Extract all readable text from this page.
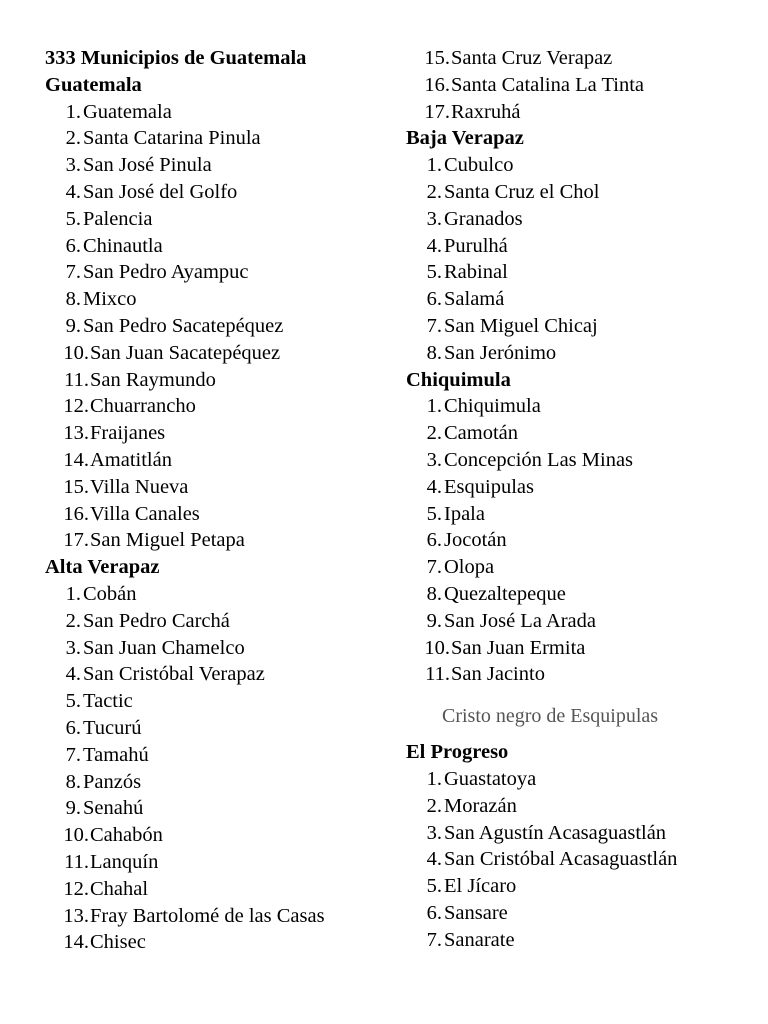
333 Municipios de Guatemala
Guatemala
1. Guatemala
2. Santa Catarina Pinula
3. San José Pinula
4. San José del Golfo
5. Palencia
6. Chinautla
7. San Pedro Ayampuc
8. Mixco
9. San Pedro Sacatepéquez
10. San Juan Sacatepéquez
11. San Raymundo
12. Chuarrancho
13. Fraijanes
14. Amatitlán
15. Villa Nueva
16. Villa Canales
17. San Miguel Petapa
Alta Verapaz
1. Cobán
2. San Pedro Carchá
3. San Juan Chamelco
4. San Cristóbal Verapaz
5. Tactic
6. Tucurú
7. Tamahú
8. Panzós
9. Senahú
10. Cahabón
11. Lanquín
12. Chahal
13. Fray Bartolomé de las Casas
14. Chisec
15. Santa Cruz Verapaz
16. Santa Catalina La Tinta
17. Raxruhá
Baja Verapaz
1. Cubulco
2. Santa Cruz el Chol
3. Granados
4. Purulhá
5. Rabinal
6. Salamá
7. San Miguel Chicaj
8. San Jerónimo
Chiquimula
1. Chiquimula
2. Camotán
3. Concepción Las Minas
4. Esquipulas
5. Ipala
6. Jocotán
7. Olopa
8. Quezaltepeque
9. San José La Arada
10. San Juan Ermita
11. San Jacinto
Cristo negro de Esquipulas
El Progreso
1. Guastatoya
2. Morazán
3. San Agustín Acasaguastlán
4. San Cristóbal Acasaguastlán
5. El Jícaro
6. Sansare
7. Sanarate
